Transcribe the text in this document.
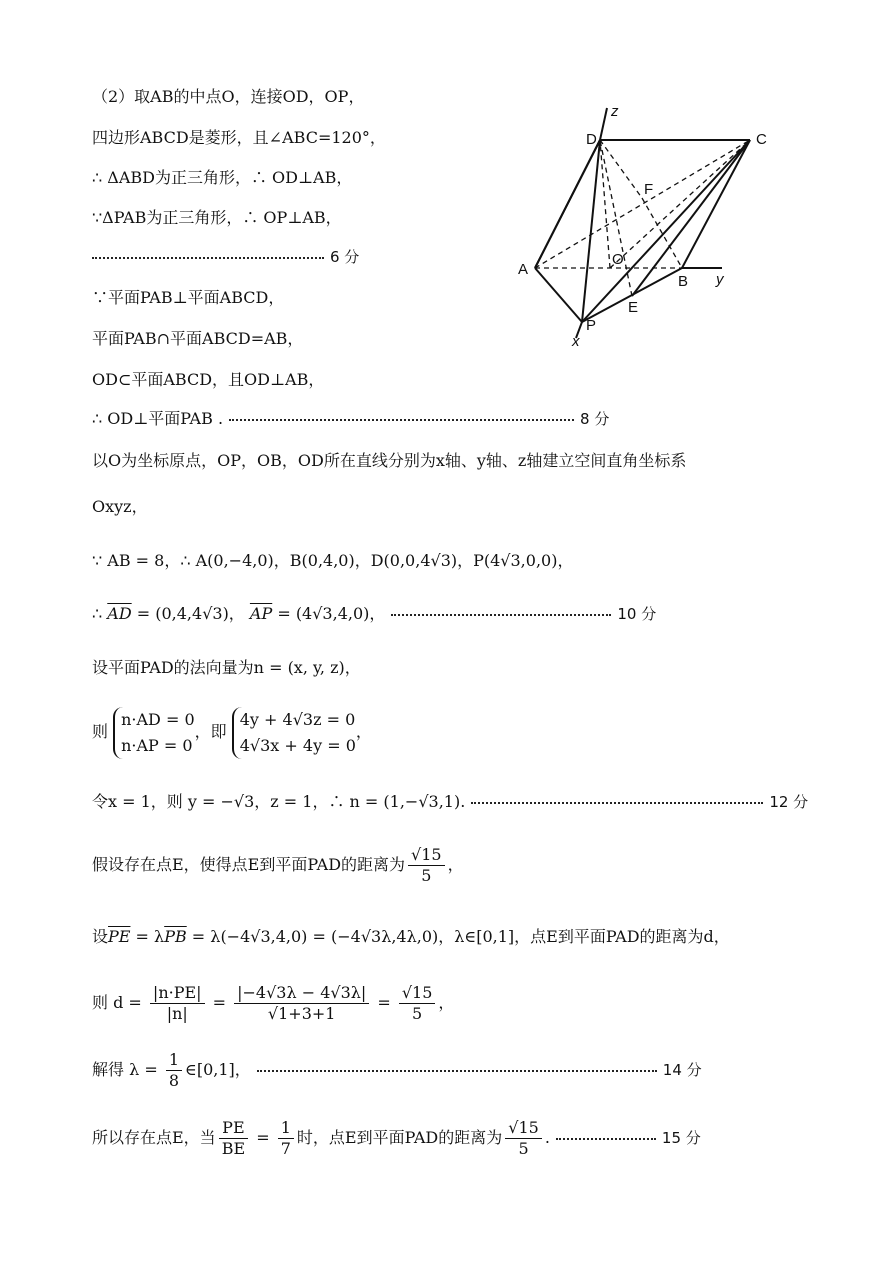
（2）取AB的中点O，连接OD，OP，
四边形ABCD是菱形，且∠ABC=120°，
∴ ΔABD为正三角形，∴ OD⊥AB，
∵ΔPAB为正三角形，∴ OP⊥AB，
6 分
∵平面PAB⊥平面ABCD，
平面PAB∩平面ABCD=AB，
OD⊂平面ABCD，且OD⊥AB，
∴ OD⊥平面PAB .	8 分
以O为坐标原点，OP，OB，OD所在直线分别为x轴、y轴、z轴建立空间直角坐标系
Oxyz，
∵ AB = 8，∴ A(0,−4,0)，B(0,4,0)，D(0,0,4√3)，P(4√3,0,0)，
∴ $\overline{AD} = (0,4,4√3)$， $\overline{AP} = (4√3,4,0)$，	10 分
设平面PAD的法向量为n = (x, y, z)，
则
n·AD = 0
n·AP = 0
，即
4y + 4√3z = 0
4√3x + 4y = 0
，
令x = 1，则 y = −√3，z = 1，∴ n = (1,−√3,1).	12 分
假设存在点E，使得点E到平面PAD的距离为 $\frac{√15}{5}$ ，
设$\overline{PE} = \lambda\overline{PB} = \lambda(-4√3,4,0) = (-4√3\lambda,4\lambda,0)$，λ∈[0,1]，点E到平面PAD的距离为d，
则 $d = \frac{|n\cdot PE|}{|n|} = \frac{|-4√3\lambda - 4√3\lambda|}{√1+3+1} = \frac{√15}{5}$ ，
解得 $\lambda = \frac{1}{8}$ ∈[0,1]，	14 分
所以存在点E，当 $\frac{PE}{BE} = \frac{1}{7}$ 时，点E到平面PAD的距离为 $\frac{√15}{5}$ .	15 分
z
D	C
F
A
O
B y
E
P
x
